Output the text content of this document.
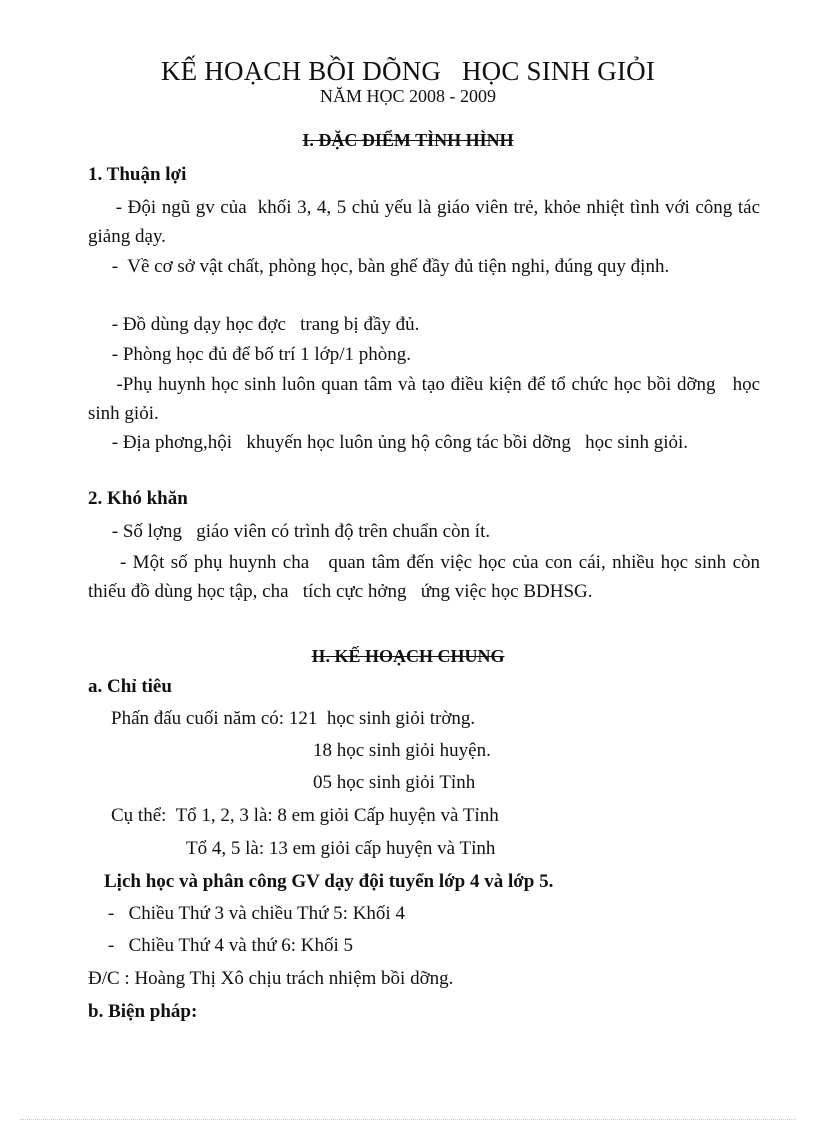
KẾ HOẠCH BỒI DÕNG   HỌC SINH GIỎI
NĂM HỌC 2008 - 2009
I. ĐẶC ĐIỂM TÌNH HÌNH
1. Thuận lợi
- Đội ngũ gv của  khối 3, 4, 5 chủ yếu là giáo viên trẻ, khỏe nhiệt tình với công tác giảng dạy.
-  Về cơ sở vật chất, phòng học, bàn ghế đầy đủ tiện nghi, đúng quy định.
- Đồ dùng dạy học đợc   trang bị đầy đủ.
- Phòng học đủ để bố trí 1 lớp/1 phòng.
-Phụ huynh học sinh luôn quan tâm và tạo điều kiện để tổ chức học bồi dỡng   học sinh giỏi.
- Địa phơng,hội   khuyến học luôn ủng hộ công tác bồi dỡng   học sinh giỏi.
2. Khó khăn
- Số lợng   giáo viên có trình độ trên chuẩn còn ít.
- Một số phụ huynh cha   quan tâm đến việc học của con cái, nhiều học sinh còn thiếu đồ dùng học tập, cha   tích cực hởng   ứng việc học BDHSG.
II. KẾ HOẠCH CHUNG
a. Chỉ tiêu
Phấn đấu cuối năm có: 121  học sinh giỏi trờng.
18 học sinh giỏi huyện.
05 học sinh giỏi Tỉnh
Cụ thể:  Tổ 1, 2, 3 là: 8 em giỏi Cấp huyện và Tỉnh
Tổ 4, 5 là: 13 em giỏi cấp huyện và Tỉnh
Lịch học và phân công GV dạy đội tuyển lớp 4 và lớp 5.
-   Chiều Thứ 3 và chiều Thứ 5: Khối 4
-   Chiều Thứ 4 và thứ 6: Khối 5
Đ/C : Hoàng Thị Xô chịu trách nhiệm bồi dỡng.
b. Biện pháp:
